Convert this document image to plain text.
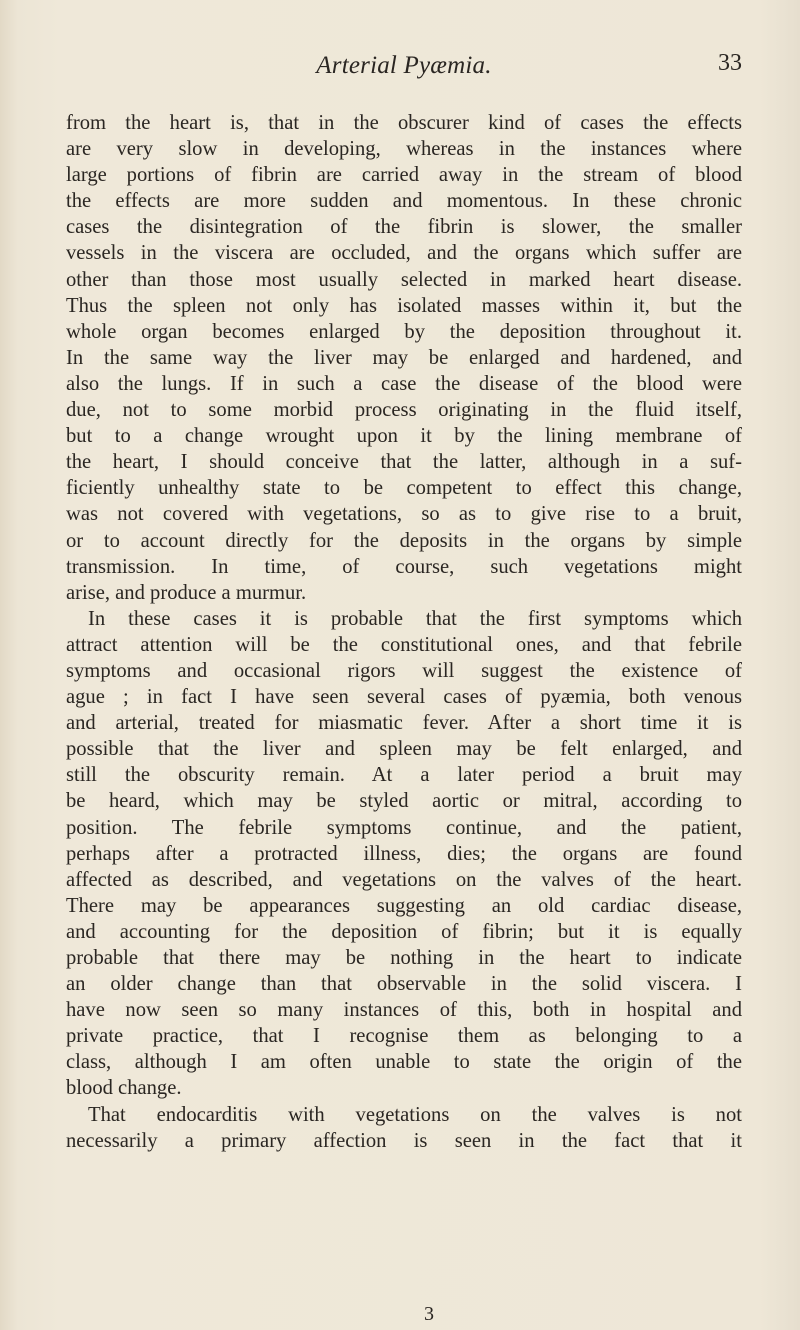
Arterial Pyæmia.	33
from the heart is, that in the obscurer kind of cases the effects
are very slow in developing, whereas in the instances where
large portions of fibrin are carried away in the stream of blood
the effects are more sudden and momentous. In these chronic
cases the disintegration of the fibrin is slower, the smaller
vessels in the viscera are occluded, and the organs which suffer are
other than those most usually selected in marked heart disease.
Thus the spleen not only has isolated masses within it, but the
whole organ becomes enlarged by the deposition throughout it.
In the same way the liver may be enlarged and hardened, and
also the lungs. If in such a case the disease of the blood were
due, not to some morbid process originating in the fluid itself,
but to a change wrought upon it by the lining membrane of
the heart, I should conceive that the latter, although in a suf-
ficiently unhealthy state to be competent to effect this change,
was not covered with vegetations, so as to give rise to a bruit,
or to account directly for the deposits in the organs by simple
transmission. In time, of course, such vegetations might
arise, and produce a murmur.
In these cases it is probable that the first symptoms which
attract attention will be the constitutional ones, and that febrile
symptoms and occasional rigors will suggest the existence of
ague ; in fact I have seen several cases of pyæmia, both venous
and arterial, treated for miasmatic fever. After a short time it is
possible that the liver and spleen may be felt enlarged, and
still the obscurity remain. At a later period a bruit may
be heard, which may be styled aortic or mitral, according to
position. The febrile symptoms continue, and the patient,
perhaps after a protracted illness, dies; the organs are found
affected as described, and vegetations on the valves of the heart.
There may be appearances suggesting an old cardiac disease,
and accounting for the deposition of fibrin; but it is equally
probable that there may be nothing in the heart to indicate
an older change than that observable in the solid viscera. I
have now seen so many instances of this, both in hospital and
private practice, that I recognise them as belonging to a
class, although I am often unable to state the origin of the
blood change.
That endocarditis with vegetations on the valves is not
necessarily a primary affection is seen in the fact that it
3
